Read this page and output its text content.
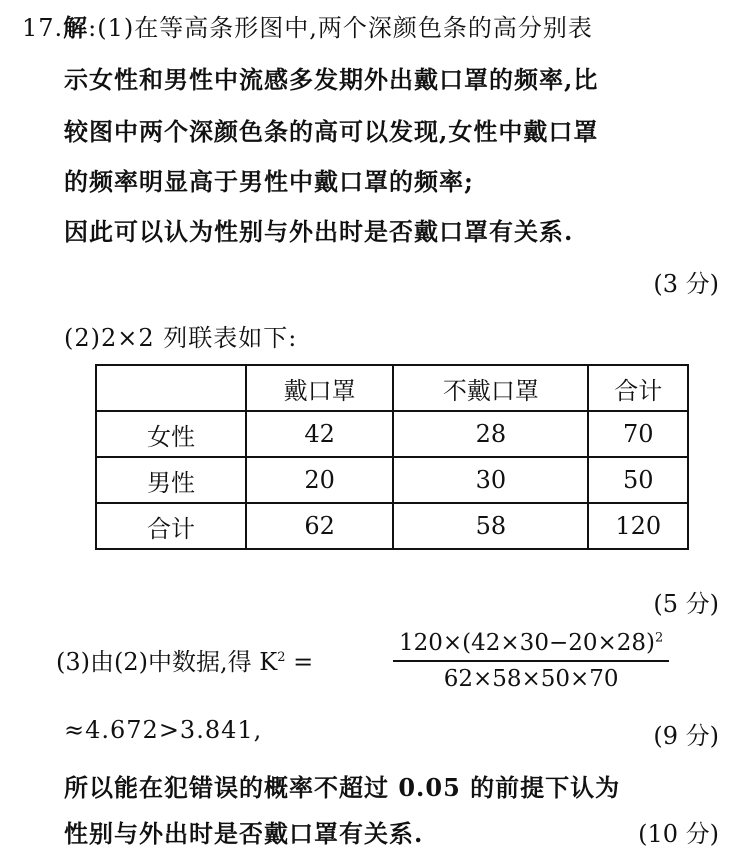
17.解:(1)在等高条形图中,两个深颜色条的高分别表
示女性和男性中流感多发期外出戴口罩的频率,比
较图中两个深颜色条的高可以发现,女性中戴口罩
的频率明显高于男性中戴口罩的频率;
因此可以认为性别与外出时是否戴口罩有关系.
(3 分)
(2)2×2 列联表如下:
	戴口罩	不戴口罩	合计
女性	42	28	70
男性	20	30	50
合计	62	58	120
(5 分)
(3)由(2)中数据,得 $K^2$ =
$120\times(42\times 30-20\times 28)^2$
62×58×50×70
≈4.672>3.841,	(9 分)
所以能在犯错误的概率不超过 0.05 的前提下认为
性别与外出时是否戴口罩有关系.	(10 分)
